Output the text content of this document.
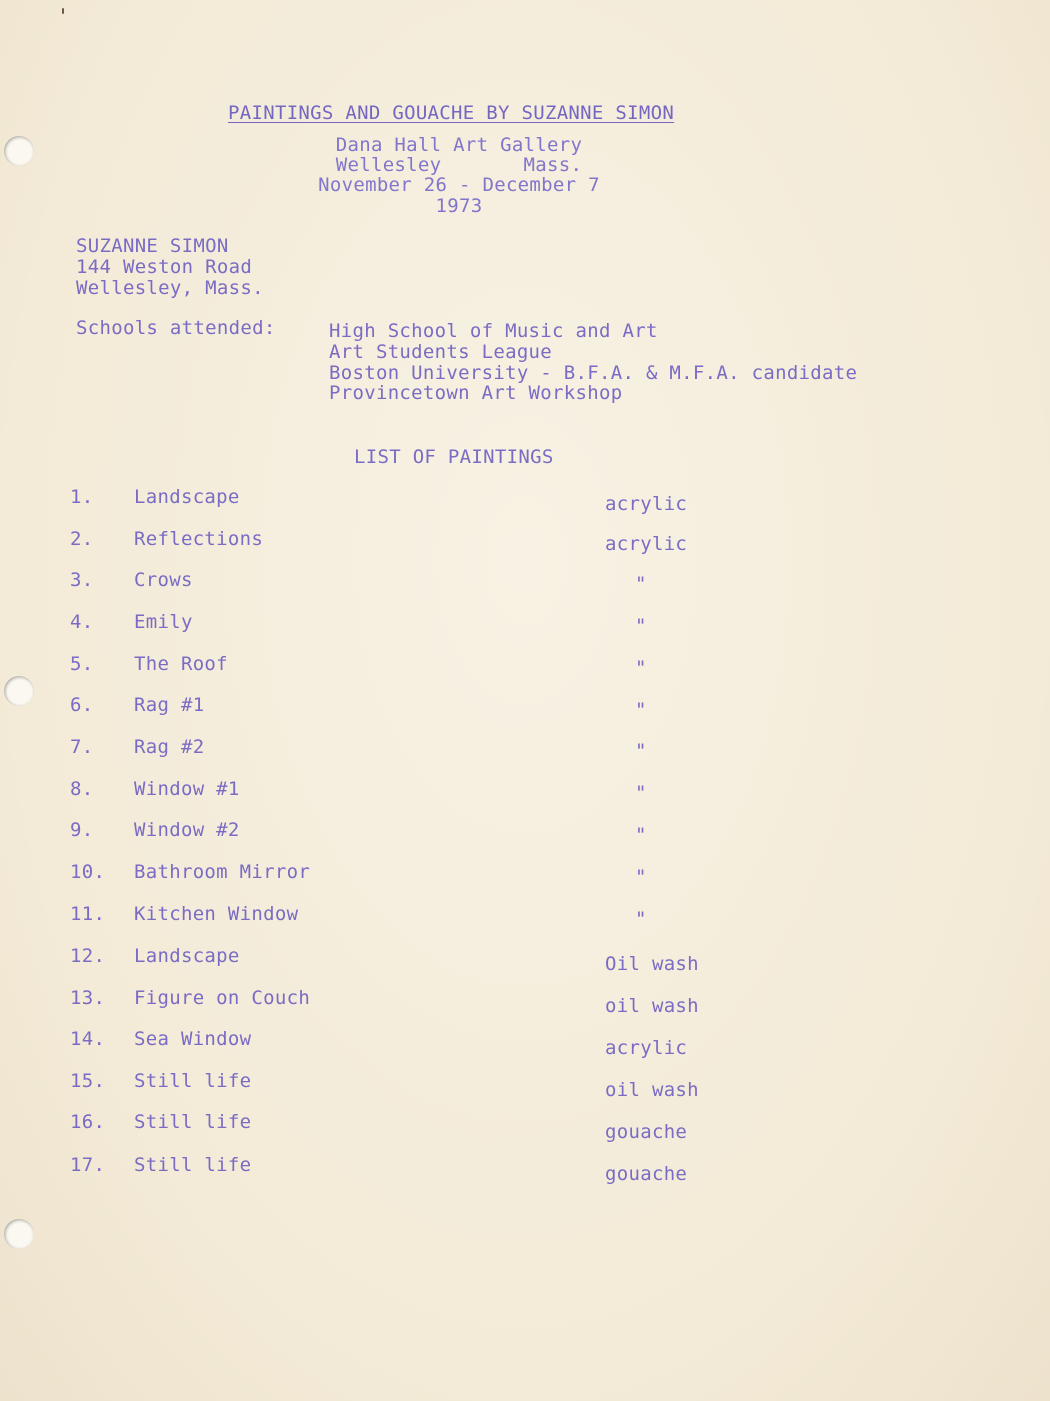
PAINTINGS AND GOUACHE BY SUZANNE SIMON
Dana Hall Art Gallery
Wellesley       Mass.
November 26 - December 7
1973
SUZANNE SIMON
144 Weston Road
Wellesley, Mass.
Schools attended:	High School of Music and Art
Art Students League
Boston University - B.F.A. & M.F.A. candidate
Provincetown Art Workshop
LIST OF PAINTINGS
1. Landscape	acrylic
2. Reflections	acrylic
3. Crows	"
4. Emily	"
5. The Roof	"
6. Rag #1	"
7. Rag #2	"
8. Window #1	"
9. Window #2	"
10. Bathroom Mirror	"
11. Kitchen Window	"
12. Landscape	Oil wash
13. Figure on Couch	oil wash
14. Sea Window	acrylic
15. Still life	oil wash
16. Still life	gouache
17. Still life	gouache
